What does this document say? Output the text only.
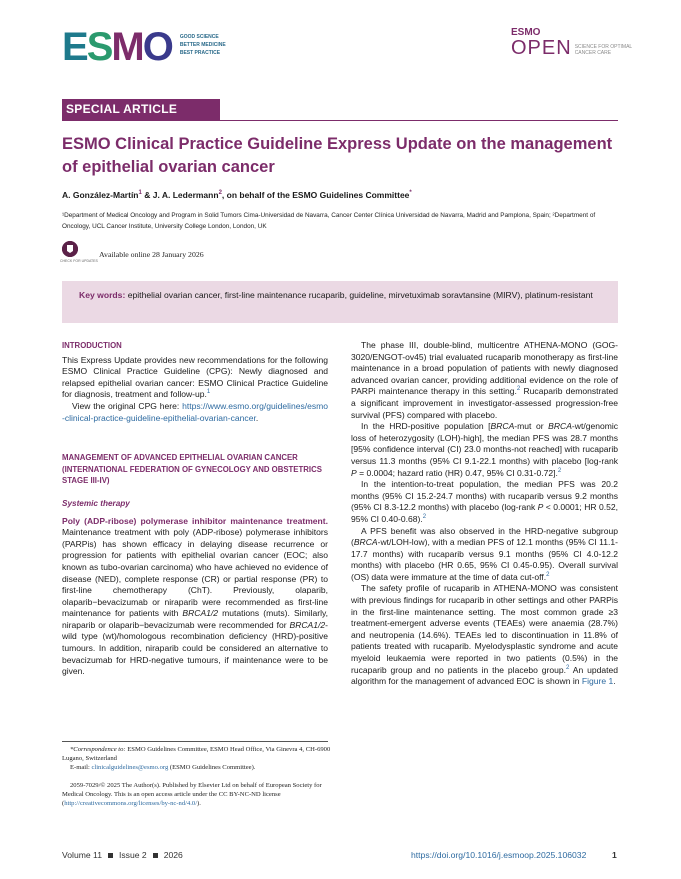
E S M O GOOD SCIENCE
BETTER MEDICINE
BEST PRACTICE
ESMO
OPEN SCIENCE FOR OPTIMAL
CANCER CARE
SPECIAL ARTICLE
ESMO Clinical Practice Guideline Express Update on the management of epithelial ovarian cancer
A. González-Martín$^1$ & J. A. Ledermann$^2$, on behalf of the ESMO Guidelines Committee*
¹Department of Medical Oncology and Program in Solid Tumors Cima-Universidad de Navarra, Cancer Center Clínica Universidad de Navarra, Madrid and Pamplona, Spain; ²Department of Oncology, UCL Cancer Institute, University College London, London, UK
CHECK FOR UPDATES
Available online 28 January 2026
Key words: epithelial ovarian cancer, first-line maintenance rucaparib, guideline, mirvetuximab soravtansine (MIRV), platinum-resistant
INTRODUCTION

This Express Update provides new recommendations for the following ESMO Clinical Practice Guideline (CPG): Newly diagnosed and relapsed epithelial ovarian cancer: ESMO Clinical Practice Guideline for diagnosis, treatment and follow-up.$^1$

View the original CPG here: https://www.esmo.org/guidelines/esmo-clinical-practice-guideline-epithelial-ovarian-cancer.

MANAGEMENT OF ADVANCED EPITHELIAL OVARIAN CANCER (INTERNATIONAL FEDERATION OF GYNECOLOGY AND OBSTETRICS STAGE III-IV)
Systemic therapy

Poly (ADP-ribose) polymerase inhibitor maintenance treatment. Maintenance treatment with poly (ADP-ribose) polymerase inhibitors (PARPis) has shown efficacy in delaying disease recurrence or progression for patients with epithelial ovarian cancer (EOC; also known as tubo-ovarian carcinoma) who have achieved no evidence of disease (NED), complete response (CR) or partial response (PR) to first-line chemotherapy (ChT). Previously, olaparib, olaparib−bevacizumab or niraparib were recommended as first-line maintenance for patients with BRCA1/2 mutations (muts). Similarly, niraparib or olaparib−bevacizumab were recommended for BRCA1/2-wild type (wt)/homologous recombination deficiency (HRD)-positive tumours. In addition, niraparib could be considered an alternative to bevacizumab for HRD-negative tumours, if maintenance were to be given.

*Correspondence to: ESMO Guidelines Committee, ESMO Head Office, Via Ginevra 4, CH-6900 Lugano, Switzerland
E-mail: clinicalguidelines@esmo.org (ESMO Guidelines Committee).
2059-7029/© 2025 The Author(s). Published by Elsevier Ltd on behalf of European Society for Medical Oncology. This is an open access article under the CC BY-NC-ND license (http://creativecommons.org/licenses/by-nc-nd/4.0/).

The phase III, double-blind, multicentre ATHENA-MONO (GOG-3020/ENGOT-ov45) trial evaluated rucaparib monotherapy as first-line maintenance in a broad population of patients with newly diagnosed advanced ovarian cancer, providing additional evidence on the role of PARPi maintenance therapy in this setting.$^2$ Rucaparib demonstrated a significant improvement in investigator-assessed progression-free survival (PFS) compared with placebo.

In the HRD-positive population [BRCA-mut or BRCA-wt/genomic loss of heterozygosity (LOH)-high], the median PFS was 28.7 months [95% confidence interval (CI) 23.0 months-not reached] with rucaparib versus 11.3 months (95% CI 9.1-22.1 months) with placebo [log-rank P = 0.0004; hazard ratio (HR) 0.47, 95% CI 0.31-0.72].$^2$

In the intention-to-treat population, the median PFS was 20.2 months (95% CI 15.2-24.7 months) with rucaparib versus 9.2 months (95% CI 8.3-12.2 months) with placebo (log-rank P < 0.0001; HR 0.52, 95% CI 0.40-0.68).$^2$

A PFS benefit was also observed in the HRD-negative subgroup (BRCA-wt/LOH-low), with a median PFS of 12.1 months (95% CI 11.1-17.7 months) with rucaparib versus 9.1 months (95% CI 4.0-12.2 months) with placebo (HR 0.65, 95% CI 0.45-0.95). Overall survival (OS) data were immature at the time of data cut-off.$^2$

The safety profile of rucaparib in ATHENA-MONO was consistent with previous findings for rucaparib in other settings and other PARPis in the first-line maintenance setting. The most common grade ≥3 treatment-emergent adverse events (TEAEs) were anaemia (28.7%) and neutropenia (14.6%). TEAEs led to discontinuation in 11.8% of patients treated with rucaparib. Myelodysplastic syndrome and acute myeloid leukaemia were reported in two patients (0.5%) in the rucaparib group and no patients in the placebo group.$^2$ An updated algorithm for the management of advanced EOC is shown in Figure 1.

Volume 11 Issue 2 2026	https://doi.org/10.1016/j.esmoop.2025.106032	1
